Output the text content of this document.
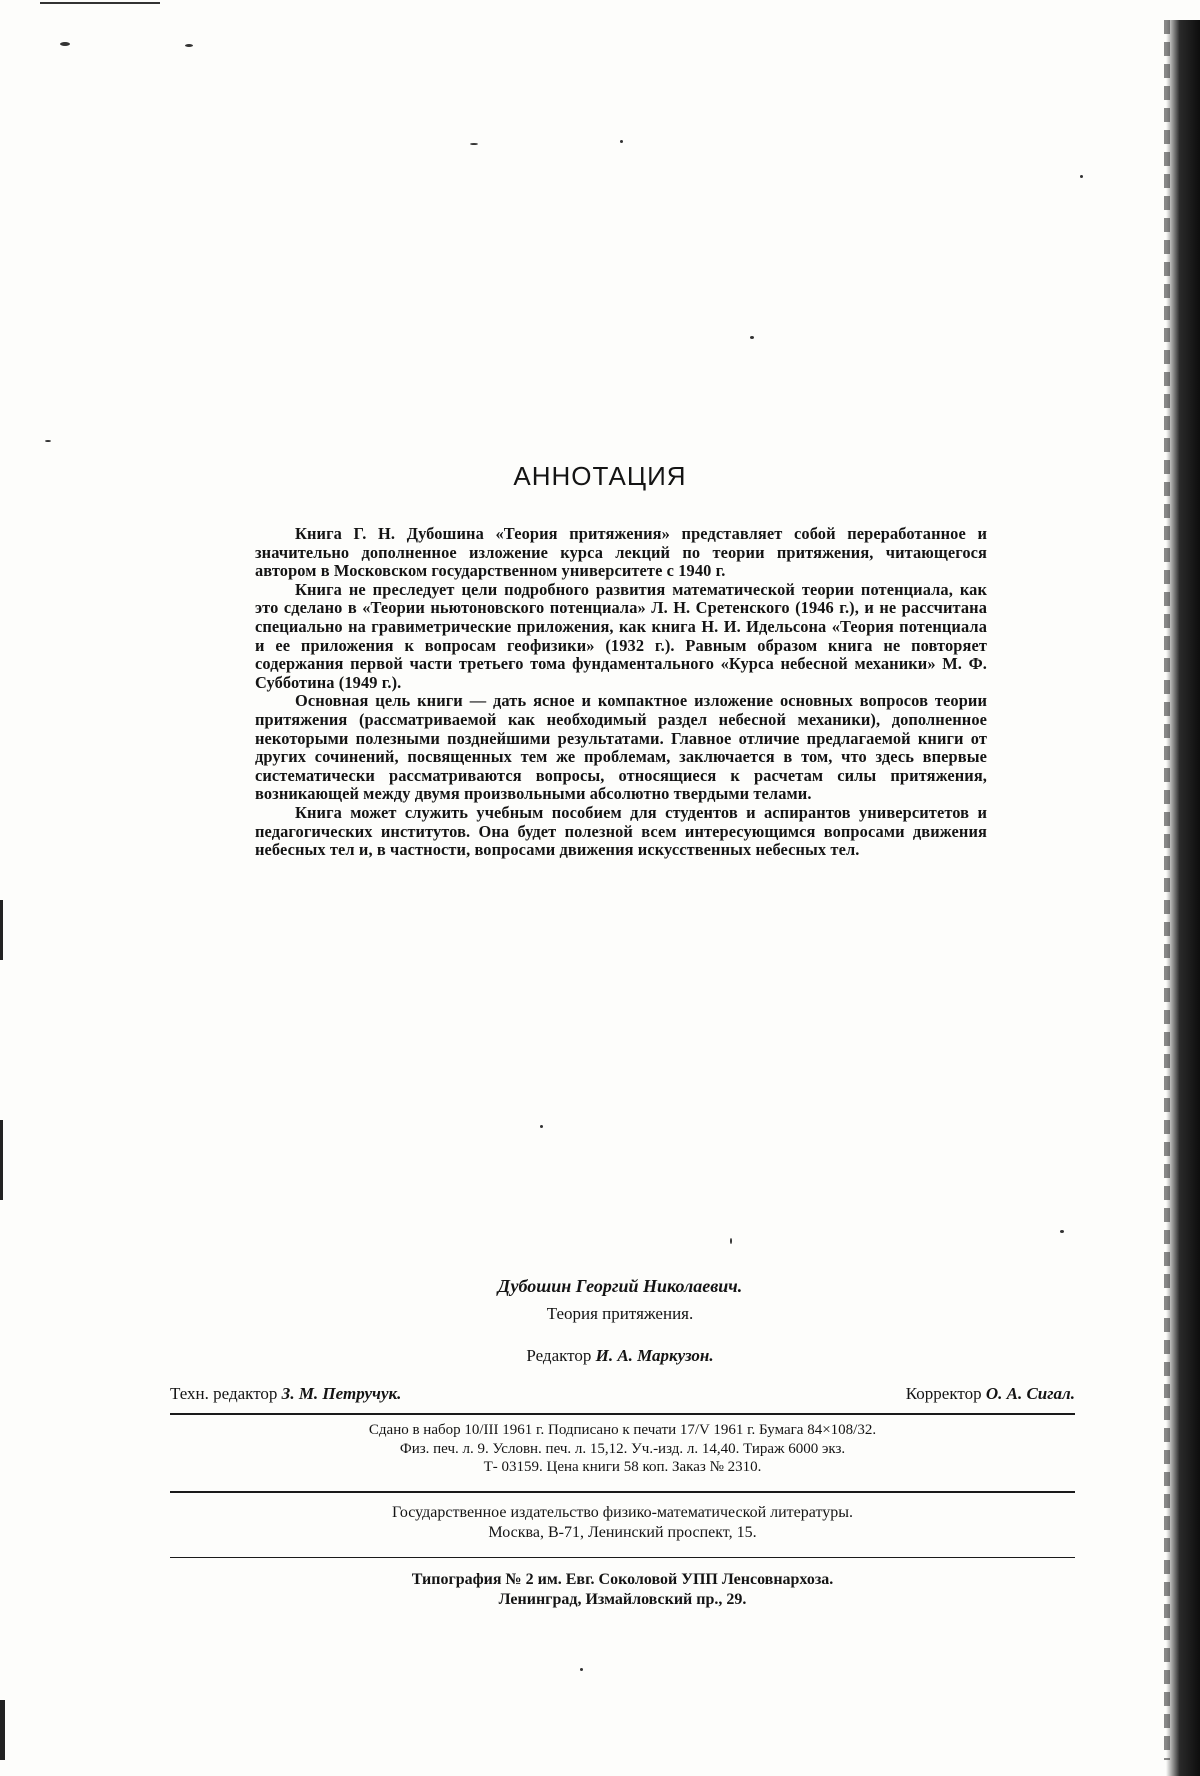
АННОТАЦИЯ

Книга Г. Н. Дубошина «Теория притяжения» представляет собой переработанное и значительно дополненное изложение курса лекций по теории притяжения, читающегося автором в Московском государственном университете с 1940 г.

Книга не преследует цели подробного развития математической теории потенциала, как это сделано в «Теории ньютоновского потенциала» Л. Н. Сретенского (1946 г.), и не рассчитана специально на гравиметрические приложения, как книга Н. И. Идельсона «Теория потенциала и ее приложения к вопросам геофизики» (1932 г.). Равным образом книга не повторяет содержания первой части третьего тома фундаментального «Курса небесной механики» М. Ф. Субботина (1949 г.).

Основная цель книги — дать ясное и компактное изложение основных вопросов теории притяжения (рассматриваемой как необходимый раздел небесной механики), дополненное некоторыми полезными позднейшими результатами. Главное отличие предлагаемой книги от других сочинений, посвященных тем же проблемам, заключается в том, что здесь впервые систематически рассматриваются вопросы, относящиеся к расчетам силы притяжения, возникающей между двумя произвольными абсолютно твердыми телами.

Книга может служить учебным пособием для студентов и аспирантов университетов и педагогических институтов. Она будет полезной всем интересующимся вопросами движения небесных тел и, в частности, вопросами движения искусственных небесных тел.

Дубошин Георгий Николаевич.
Теория притяжения.
Редактор И. А. Маркузон.
Техн. редактор З. М. Петручук.	Корректор О. А. Сигал.
Сдано в набор 10/III 1961 г. Подписано к печати 17/V 1961 г. Бумага 84×108/32.
Физ. печ. л. 9. Условн. печ. л. 15,12. Уч.-изд. л. 14,40. Тираж 6000 экз.
Т- 03159. Цена книги 58 коп. Заказ № 2310.
Государственное издательство физико-математической литературы.
Москва, В-71, Ленинский проспект, 15.
Типография № 2 им. Евг. Соколовой УПП Ленсовнархоза.
Ленинград, Измайловский пр., 29.
